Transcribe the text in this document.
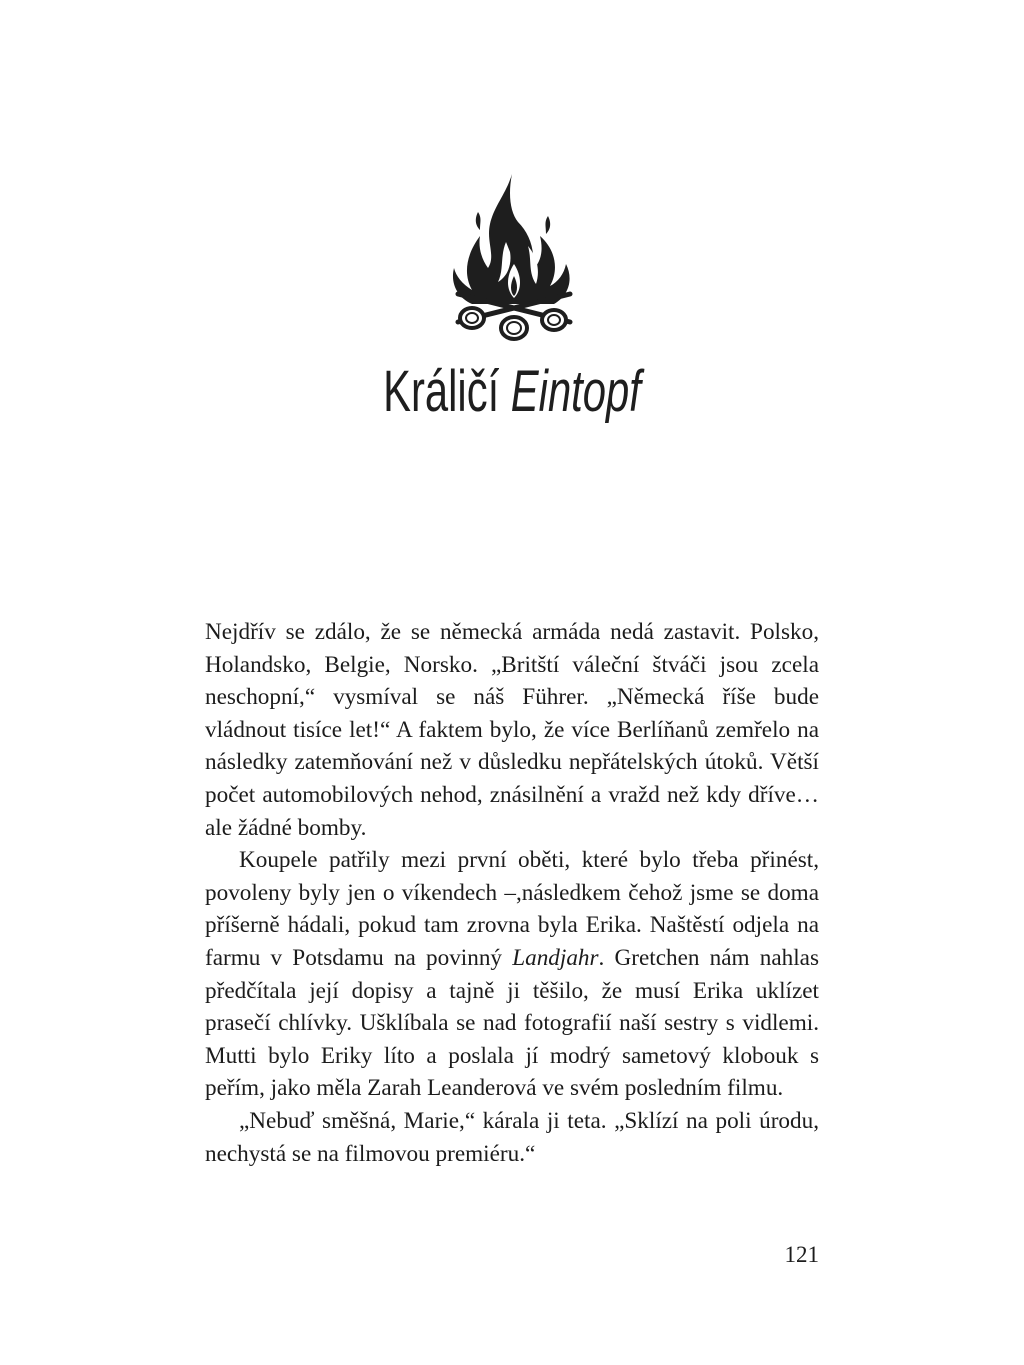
Králičí Eintopf

Nejdřív se zdálo, že se německá armáda nedá zastavit. Polsko, Holandsko, Belgie, Norsko. „Britští váleční štváči jsou zcela neschopní,“ vysmíval se náš Führer. „Německá říše bude vládnout tisíce let!“ A faktem bylo, že více Berlíňanů zemřelo na následky zatemňování než v důsledku nepřátelských útoků. Větší počet automobilových nehod, znásilnění a vražd než kdy dříve… ale žádné bomby.

Koupele patřily mezi první oběti, které bylo třeba přinést, povoleny byly jen o víkendech –,následkem čehož jsme se doma příšerně hádali, pokud tam zrovna byla Erika. Naštěstí odjela na farmu v Potsdamu na povinný Landjahr. Gretchen nám nahlas předčítala její dopisy a tajně ji těšilo, že musí Erika uklízet prasečí chlívky. Ušklíbala se nad fotografií naší sestry s vidlemi. Mutti bylo Eriky líto a poslala jí modrý sametový klobouk s peřím, jako měla Zarah Leanderová ve svém posledním filmu.

„Nebuď směšná, Marie,“ kárala ji teta. „Sklízí na poli úrodu, nechystá se na filmovou premiéru.“

121
